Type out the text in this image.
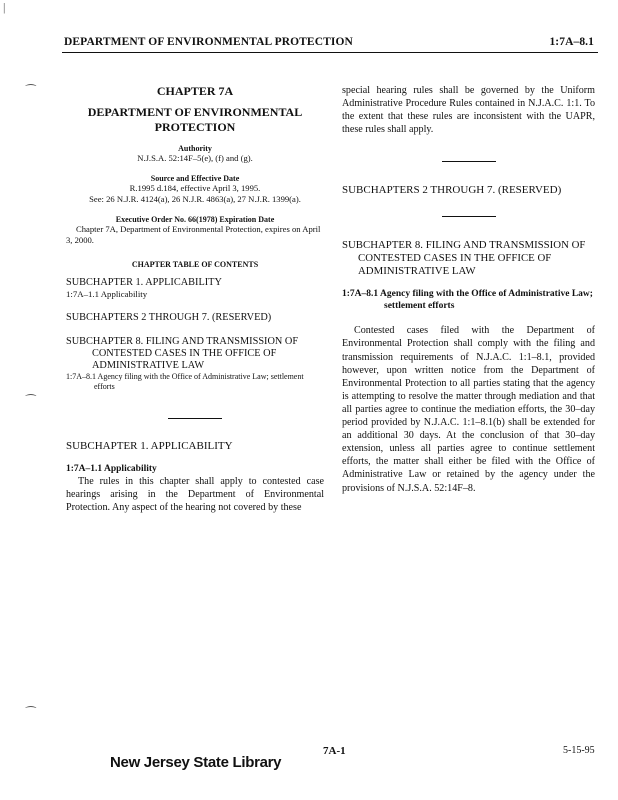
DEPARTMENT OF ENVIRONMENTAL PROTECTION	1:7A–8.1
CHAPTER 7A
DEPARTMENT OF ENVIRONMENTAL PROTECTION
Authority
N.J.S.A. 52:14F–5(e), (f) and (g).
Source and Effective Date
R.1995 d.184, effective April 3, 1995.
See: 26 N.J.R. 4124(a), 26 N.J.R. 4863(a), 27 N.J.R. 1399(a).
Executive Order No. 66(1978) Expiration Date
Chapter 7A, Department of Environmental Protection, expires on April 3, 2000.
CHAPTER TABLE OF CONTENTS
SUBCHAPTER 1. APPLICABILITY
1:7A–1.1 Applicability
SUBCHAPTERS 2 THROUGH 7. (RESERVED)
SUBCHAPTER 8. FILING AND TRANSMISSION OF CONTESTED CASES IN THE OFFICE OF ADMINISTRATIVE LAW
1:7A–8.1 Agency filing with the Office of Administrative Law; settlement efforts
SUBCHAPTER 1. APPLICABILITY
1:7A–1.1 Applicability
The rules in this chapter shall apply to contested case hearings arising in the Department of Environmental Protection. Any aspect of the hearing not covered by these
special hearing rules shall be governed by the Uniform Administrative Procedure Rules contained in N.J.A.C. 1:1. To the extent that these rules are inconsistent with the UAPR, these rules shall apply.
SUBCHAPTERS 2 THROUGH 7. (RESERVED)
SUBCHAPTER 8. FILING AND TRANSMISSION OF CONTESTED CASES IN THE OFFICE OF ADMINISTRATIVE LAW
1:7A–8.1 Agency filing with the Office of Administrative Law; settlement efforts
Contested cases filed with the Department of Environmental Protection shall comply with the filing and transmission requirements of N.J.A.C. 1:1–8.1, provided however, upon written notice from the Department of Environmental Protection to all parties stating that the agency is attempting to resolve the matter through mediation and that all parties agree to continue the mediation efforts, the 30–day period provided by N.J.A.C. 1:1–8.1(b) shall be extended for an additional 30 days. At the conclusion of that 30–day extension, unless all parties agree to continue settlement efforts, the matter shall either be filed with the Office of Administrative Law or retained by the agency under the provisions of N.J.S.A. 52:14F–8.
New Jersey State Library
7A-1	5-15-95
|
⁀
⁀
⁀
